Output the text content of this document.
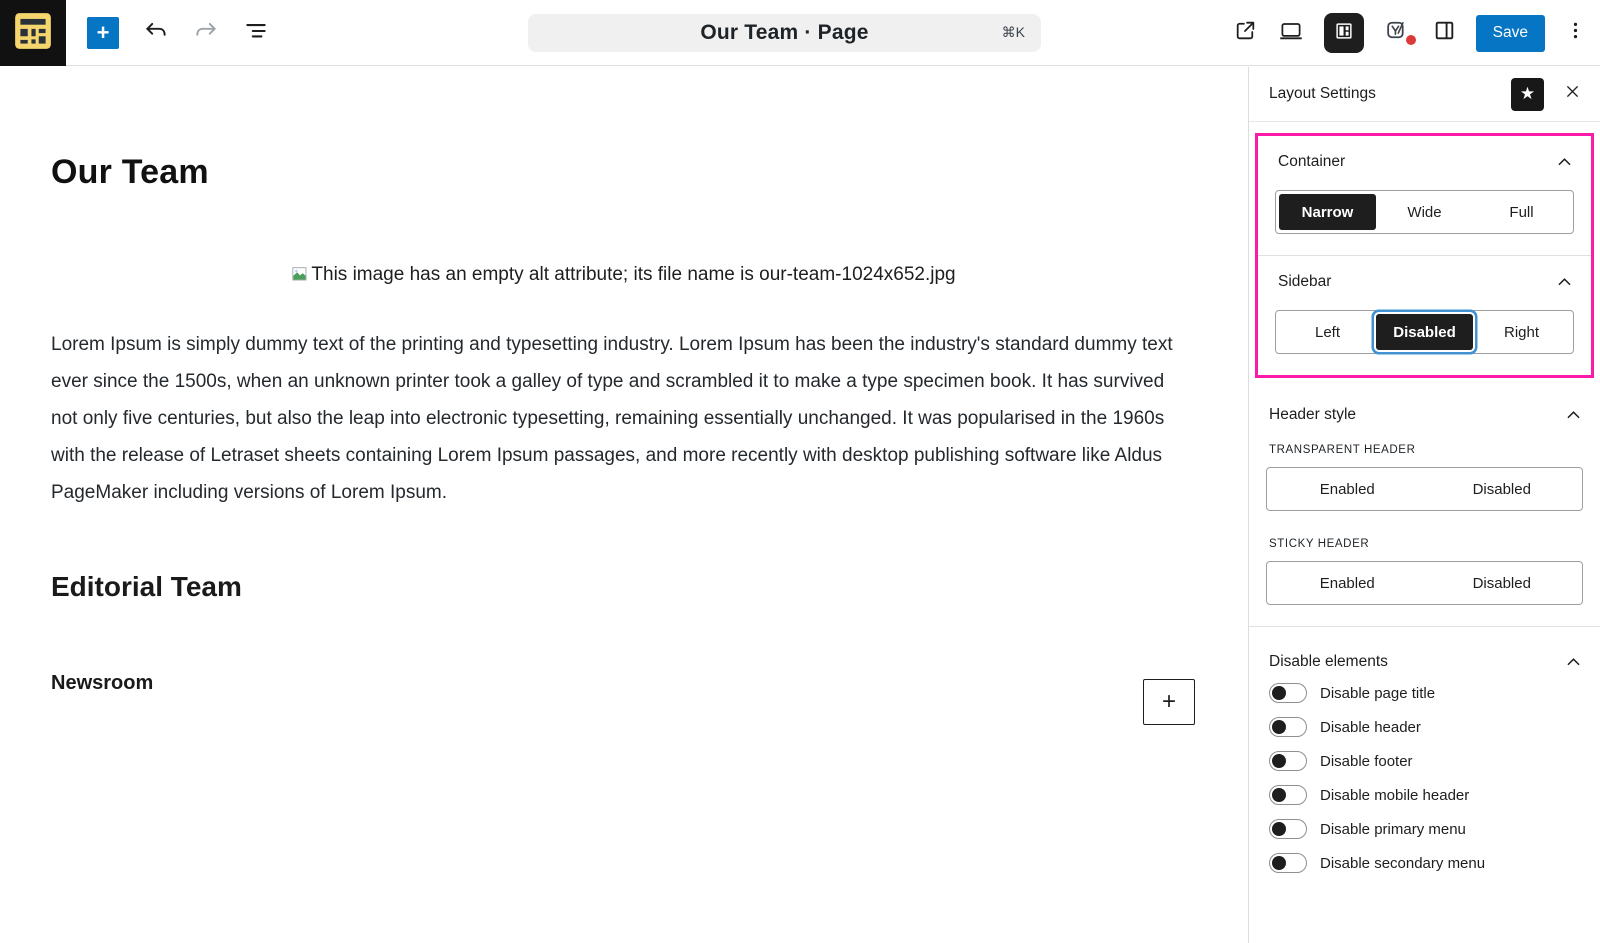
+	Our Team · Page	⌘K	Save
Our Team
This image has an empty alt attribute; its file name is our-team-1024x652.jpg

Lorem Ipsum is simply dummy text of the printing and typesetting industry. Lorem Ipsum has been the industry's standard dummy text ever since the 1500s, when an unknown printer took a galley of type and scrambled it to make a type specimen book. It has survived not only five centuries, but also the leap into electronic typesetting, remaining essentially unchanged. It was popularised in the 1960s with the release of Letraset sheets containing Lorem Ipsum passages, and more recently with desktop publishing software like Aldus PageMaker including versions of Lorem Ipsum.

Editorial Team
Newsroom
+
Layout Settings	★
Container
Narrow	Wide	Full
Sidebar
Left	Disabled	Right
Header style
TRANSPARENT HEADER
Enabled	Disabled
STICKY HEADER
Enabled	Disabled
Disable elements
Disable page title
Disable header
Disable footer
Disable mobile header
Disable primary menu
Disable secondary menu
